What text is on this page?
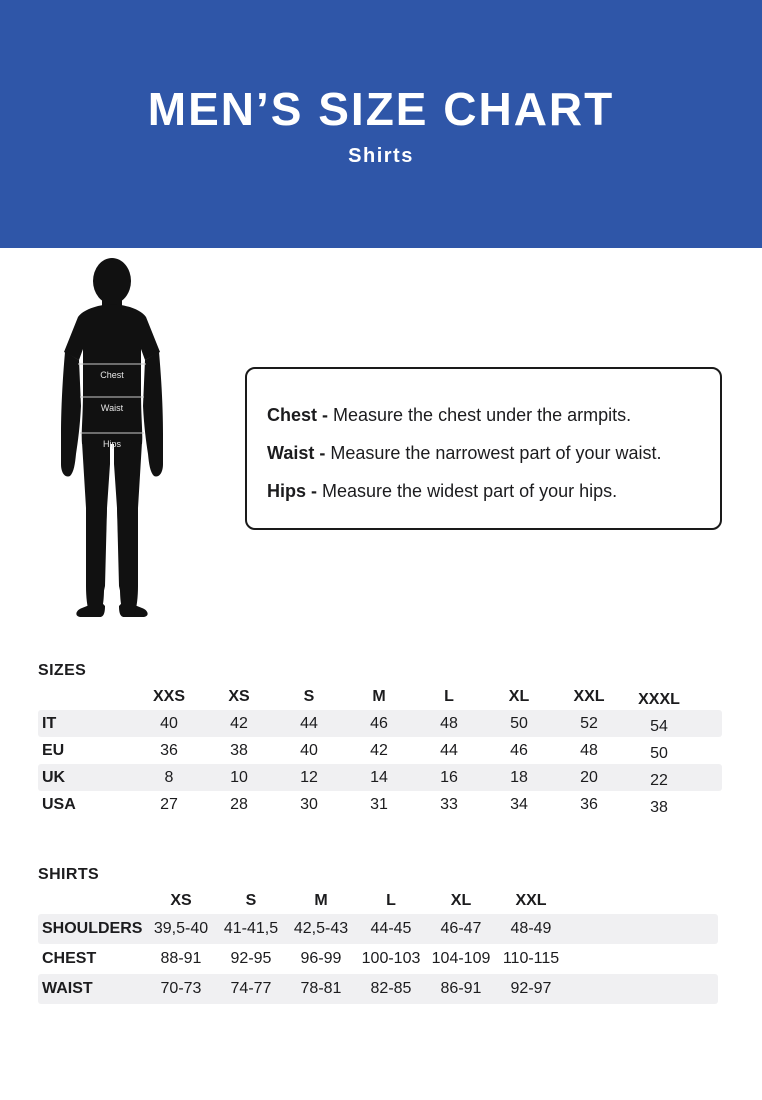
MEN’S SIZE CHART
Shirts
Chest
Waist
Hips
Chest - Measure the chest under the armpits.
Waist - Measure the narrowest part of your waist.
Hips - Measure the widest part of your hips.
SIZES
XXS	XS	S	M	L	XL	XXL	XXXL
IT	40	42	44	46	48	50	52	54
EU	36	38	40	42	44	46	48	50
UK	8	10	12	14	16	18	20	22
USA	27	28	30	31	33	34	36	38
SHIRTS
XS	S	M	L	XL	XXL
SHOULDERS 39,5-40 41-41,5 42,5-43	44-45	46-47	48-49
CHEST	88-91	92-95	96-99	100-103 104-109 110-115
WAIST	70-73	74-77	78-81	82-85	86-91	92-97
